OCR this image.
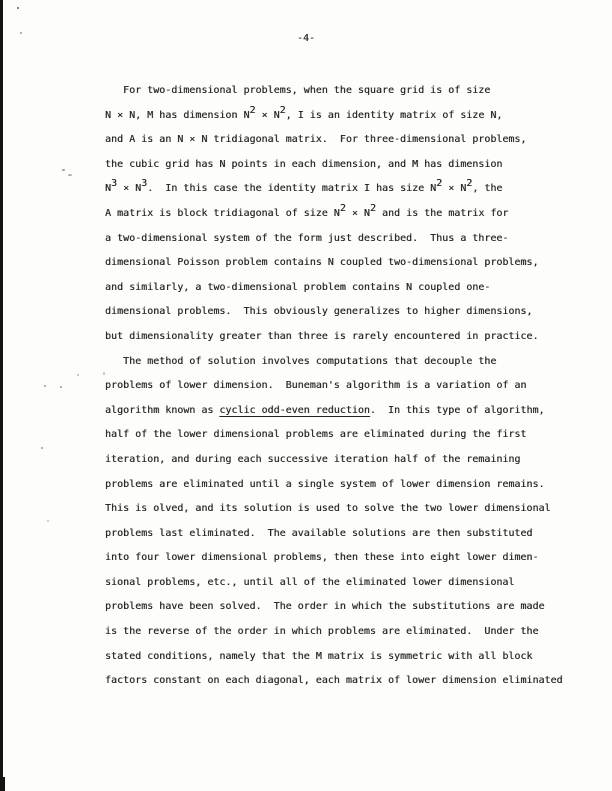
-4-
For two-dimensional problems, when the square grid is of size
N × N, M has dimension N2 × N2, I is an identity matrix of size N,
and A is an N × N tridiagonal matrix.  For three-dimensional problems,
the cubic grid has N points in each dimension, and M has dimension
N3 × N3.  In this case the identity matrix I has size N2 × N2, the
A matrix is block tridiagonal of size N2 × N2 and is the matrix for
a two-dimensional system of the form just described.  Thus a three-
dimensional Poisson problem contains N coupled two-dimensional problems,
and similarly, a two-dimensional problem contains N coupled one-
dimensional problems.  This obviously generalizes to higher dimensions,
but dimensionality greater than three is rarely encountered in practice.
The method of solution involves computations that decouple the
problems of lower dimension.  Buneman's algorithm is a variation of an
algorithm known as cyclic odd-even reduction.  In this type of algorithm,
half of the lower dimensional problems are eliminated during the first
iteration, and during each successive iteration half of the remaining
problems are eliminated until a single system of lower dimension remains.
This is olved, and its solution is used to solve the two lower dimensional
problems last eliminated.  The available solutions are then substituted
into four lower dimensional problems, then these into eight lower dimen-
sional problems, etc., until all of the eliminated lower dimensional
problems have been solved.  The order in which the substitutions are made
is the reverse of the order in which problems are eliminated.  Under the
stated conditions, namely that the M matrix is symmetric with all block
factors constant on each diagonal, each matrix of lower dimension eliminated
